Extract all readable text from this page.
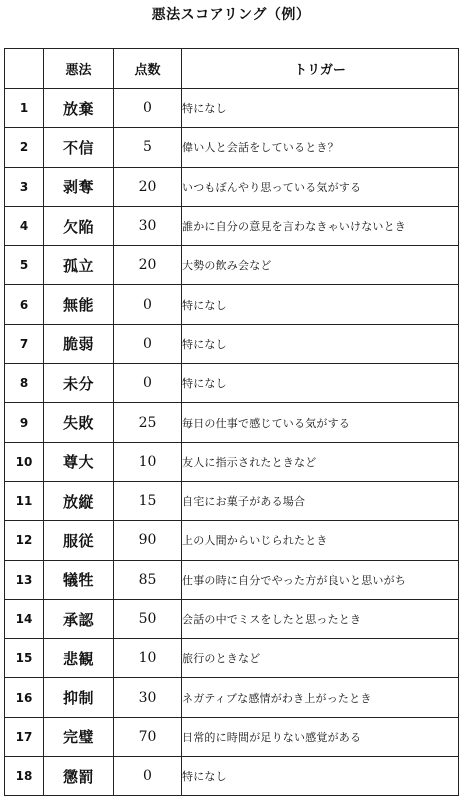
悪法スコアリング（例）
	悪法	点数	トリガー
1	放棄	0	特になし
2	不信	5	偉い人と会話をしているとき？
3	剥奪	20	いつもぼんやり思っている気がする
4	欠陥	30	誰かに自分の意見を言わなきゃいけないとき
5	孤立	20	大勢の飲み会など
6	無能	0	特になし
7	脆弱	0	特になし
8	未分	0	特になし
9	失敗	25	毎日の仕事で感じている気がする
10	尊大	10	友人に指示されたときなど
11	放縦	15	自宅にお菓子がある場合
12	服従	90	上の人間からいじられたとき
13	犠牲	85	仕事の時に自分でやった方が良いと思いがち
14	承認	50	会話の中でミスをしたと思ったとき
15	悲観	10	旅行のときなど
16	抑制	30	ネガティブな感情がわき上がったとき
17	完璧	70	日常的に時間が足りない感覚がある
18	懲罰	0	特になし
